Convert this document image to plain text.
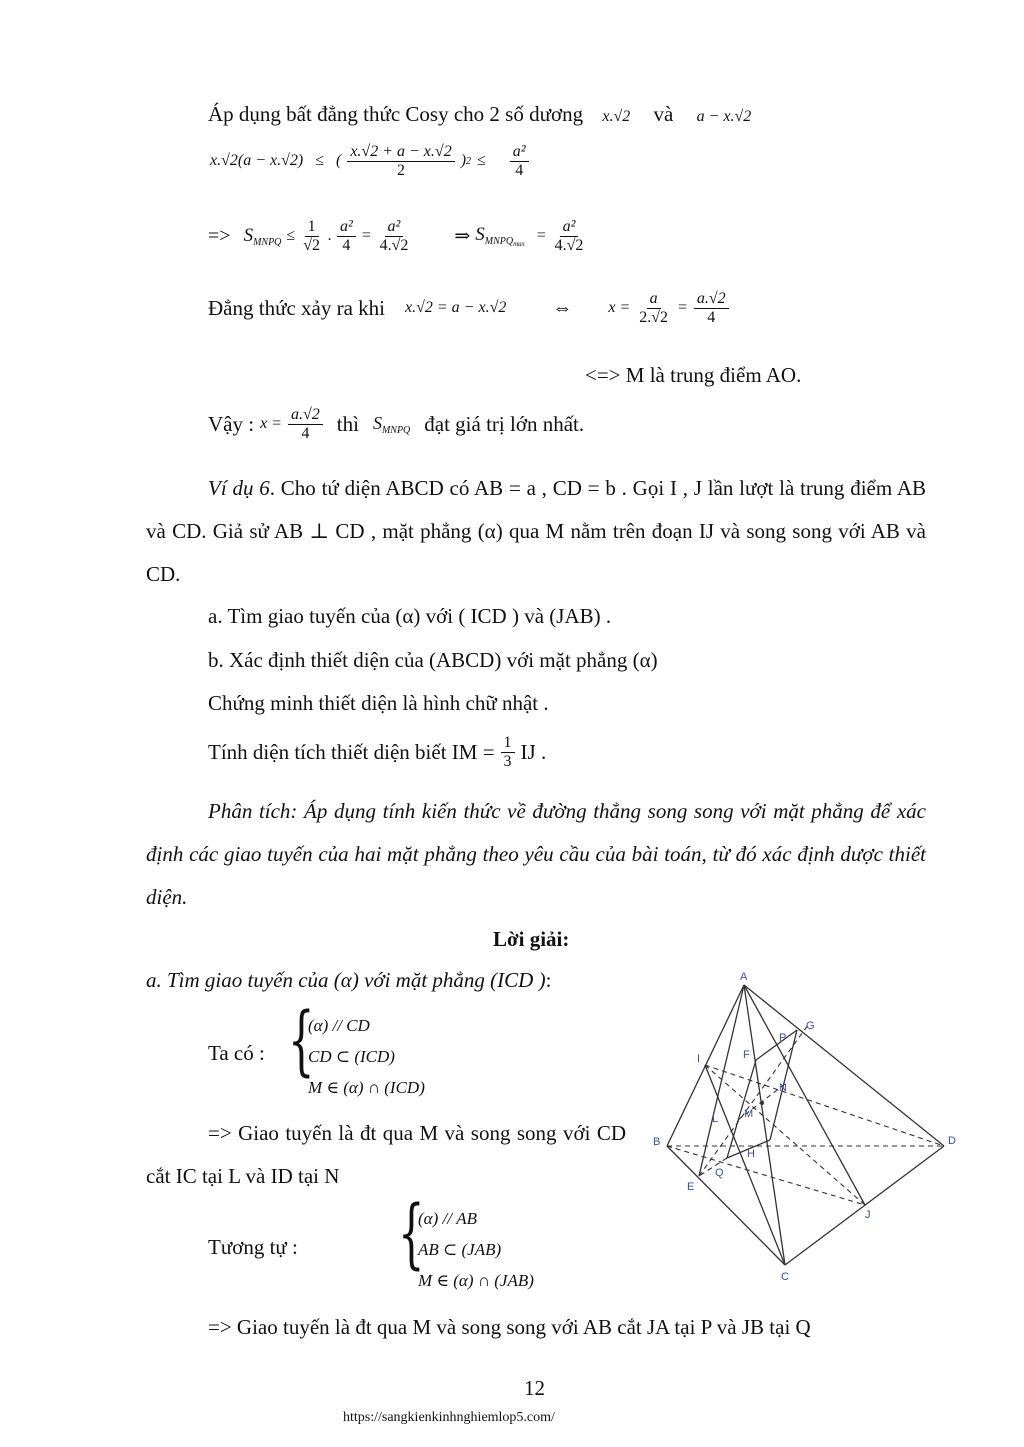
Áp dụng bất đẳng thức Cosy cho 2 số dương x.√2 và a − x.√2
x.√2(a − x.√2) ≤ ( $\frac{x.√2 + a - x.√2}{2}$ ) $2 \le \frac{\text{a²}}{4}$
=> $S_{MNPQ} \le \frac{1}{√2}$ . $\frac{\text{a²}}{4} = \frac{\text{a²}}{4.√2}$ ⇒ $S_{MNPQmax} = \frac{\text{a²}}{4.√2}$
Đẳng thức xảy ra khi x.√2 = a − x.√2 ⇔ $x = \frac{a}{2.√2} = \frac{a.√2}{4}$
<=> M là trung điểm AO.
Vậy : $x = \frac{a.√2}{4}$ thì $S_{MNPQ}$ đạt giá trị lớn nhất.
Ví dụ 6. Cho tứ diện ABCD có AB = a , CD = b . Gọi I , J lần lượt là trung điểm AB và CD. Giả sử AB ⊥ CD , mặt phẳng (α) qua M nằm trên đoạn IJ và song song với AB và CD.
a. Tìm giao tuyến của (α) với ( ICD ) và (JAB) .
b. Xác định thiết diện của (ABCD) với mặt phẳng (α)
Chứng minh thiết diện là hình chữ nhật .
Tính diện tích thiết diện biết IM = $\frac{1}{3}$ IJ .
Phân tích: Áp dụng tính kiến thức về đường thẳng song song với mặt phẳng để xác định các giao tuyến của hai mặt phẳng theo yêu cầu của bài toán, từ đó xác định dược thiết diện.
Lời giải:
a. Tìm giao tuyến của (α) với mặt phẳng (ICD ):
Ta có : {
(α) // CD
CD ⊂ (ICD)
M ∈ (α) ∩ (ICD)
=> Giao tuyến là đt qua M và song song với CD cắt IC tại L và ID tại N
Tương tự : {
(α) // AB
AB ⊂ (JAB)
M ∈ (α) ∩ (JAB)
=> Giao tuyến là đt qua M và song song với AB cắt JA tại P và JB tại Q
A
B
C
D
I
J
E
F
G
H
L M
N
P
Q
12
https://sangkienkinhnghiemlop5.com/
